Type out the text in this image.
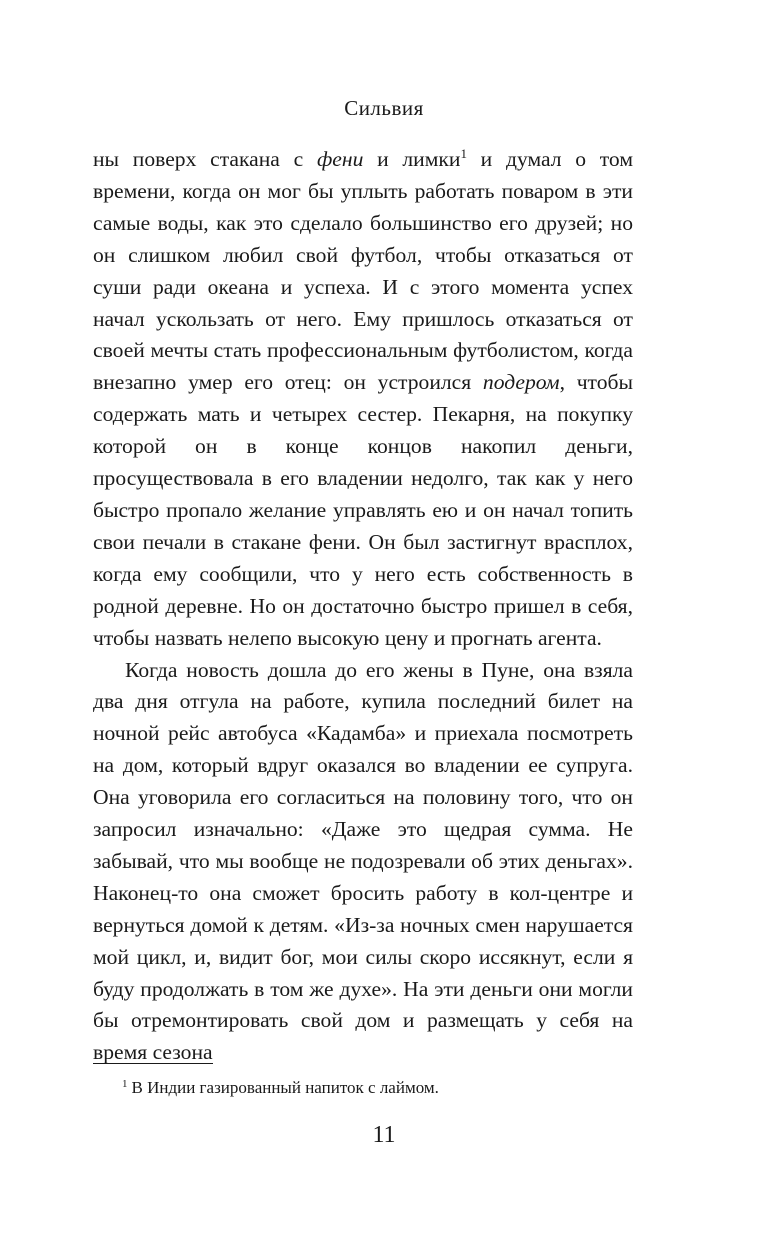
Сильвия

ны поверх стакана с фени и лимки$^1$ и думал о том времени, когда он мог бы уплыть работать поваром в эти самые воды, как это сделало большинство его друзей; но он слишком любил свой футбол, чтобы отказаться от суши ради океана и успеха. И с этого момента успех начал ускользать от него. Ему пришлось отказаться от своей мечты стать профессиональным футболистом, когда внезапно умер его отец: он устроился подером, чтобы содержать мать и четырех сестер. Пекарня, на покупку которой он в конце концов накопил деньги, просуществовала в его владении недолго, так как у него быстро пропало желание управлять ею и он начал топить свои печали в стакане фени. Он был застигнут врасплох, когда ему сообщили, что у него есть собственность в родной деревне. Но он достаточно быстро пришел в себя, чтобы назвать нелепо высокую цену и прогнать агента.

Когда новость дошла до его жены в Пуне, она взяла два дня отгула на работе, купила последний билет на ночной рейс автобуса «Кадамба» и приехала посмотреть на дом, который вдруг оказался во владении ее супруга. Она уговорила его согласиться на половину того, что он запросил изначально: «Даже это щедрая сумма. Не забывай, что мы вообще не подозревали об этих деньгах». Наконец-то она сможет бросить работу в кол-центре и вернуться домой к детям. «Из-за ночных смен нарушается мой цикл, и, видит бог, мои силы скоро иссякнут, если я буду продолжать в том же духе». На эти деньги они могли бы отремонтировать свой дом и размещать у себя на время сезона

$^1$ В Индии газированный напиток с лаймом.
11
